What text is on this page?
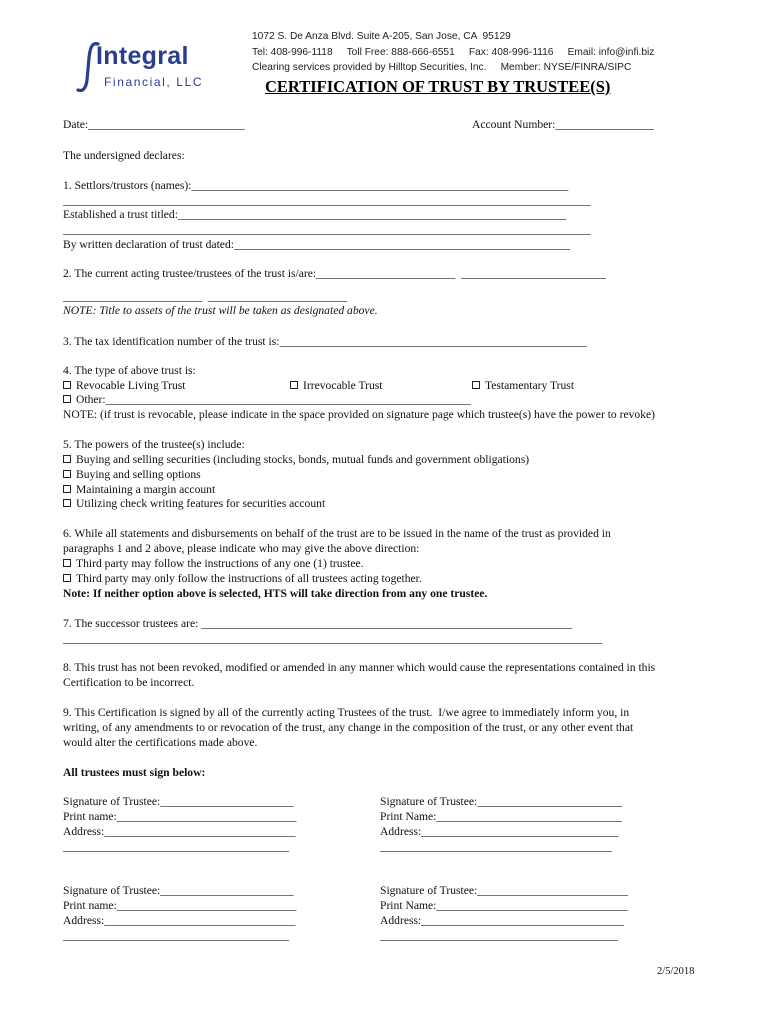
Integral
Financial, LLC
1072 S. De Anza Blvd. Suite A-205, San Jose, CA  95129
Tel: 408-996-1118     Toll Free: 888-666-6551     Fax: 408-996-1116     Email: info@infi.biz
Clearing services provided by Hilltop Securities, Inc.     Member: NYSE/FINRA/SIPC
CERTIFICATION OF TRUST BY TRUSTEE(S)
Date:___________________________	Account Number:_________________
The undersigned declares:
1. Settlors/trustors (names):_________________________________________________________________
___________________________________________________________________________________________
Established a trust titled:___________________________________________________________________
___________________________________________________________________________________________
By written declaration of trust dated:__________________________________________________________
2. The current acting trustee/trustees of the trust is/are:________________________  _________________________
________________________  ________________________
NOTE: Title to assets of the trust will be taken as designated above.
3. The tax identification number of the trust is:_____________________________________________________
4. The type of above trust is:
Revocable Living Trust	Irrevocable Trust	Testamentary Trust
Other:_______________________________________________________________
NOTE: (if trust is revocable, please indicate in the space provided on signature page which trustee(s) have the power to revoke)
5. The powers of the trustee(s) include:
Buying and selling securities (including stocks, bonds, mutual funds and government obligations)
Buying and selling options
Maintaining a margin account
Utilizing check writing features for securities account
6. While all statements and disbursements on behalf of the trust are to be issued in the name of the trust as provided in
paragraphs 1 and 2 above, please indicate who may give the above direction:
Third party may follow the instructions of any one (1) trustee.
Third party may only follow the instructions of all trustees acting together.
Note: If neither option above is selected, HTS will take direction from any one trustee.
7. The successor trustees are: ________________________________________________________________
_____________________________________________________________________________________________
8. This trust has not been revoked, modified or amended in any manner which would cause the representations contained in this
Certification to be incorrect.
9. This Certification is signed by all of the currently acting Trustees of the trust.  I/we agree to immediately inform you, in
writing, of any amendments to or revocation of the trust, any change in the composition of the trust, or any other event that
would alter the certifications made above.
All trustees must sign below:
Signature of Trustee:_______________________
Print name:_______________________________
Address:_________________________________
_______________________________________
Signature of Trustee:_________________________
Print Name:________________________________
Address:__________________________________
________________________________________
Signature of Trustee:_______________________
Print name:_______________________________
Address:_________________________________
_______________________________________
Signature of Trustee:__________________________
Print Name:_________________________________
Address:___________________________________
_________________________________________
2/5/2018
